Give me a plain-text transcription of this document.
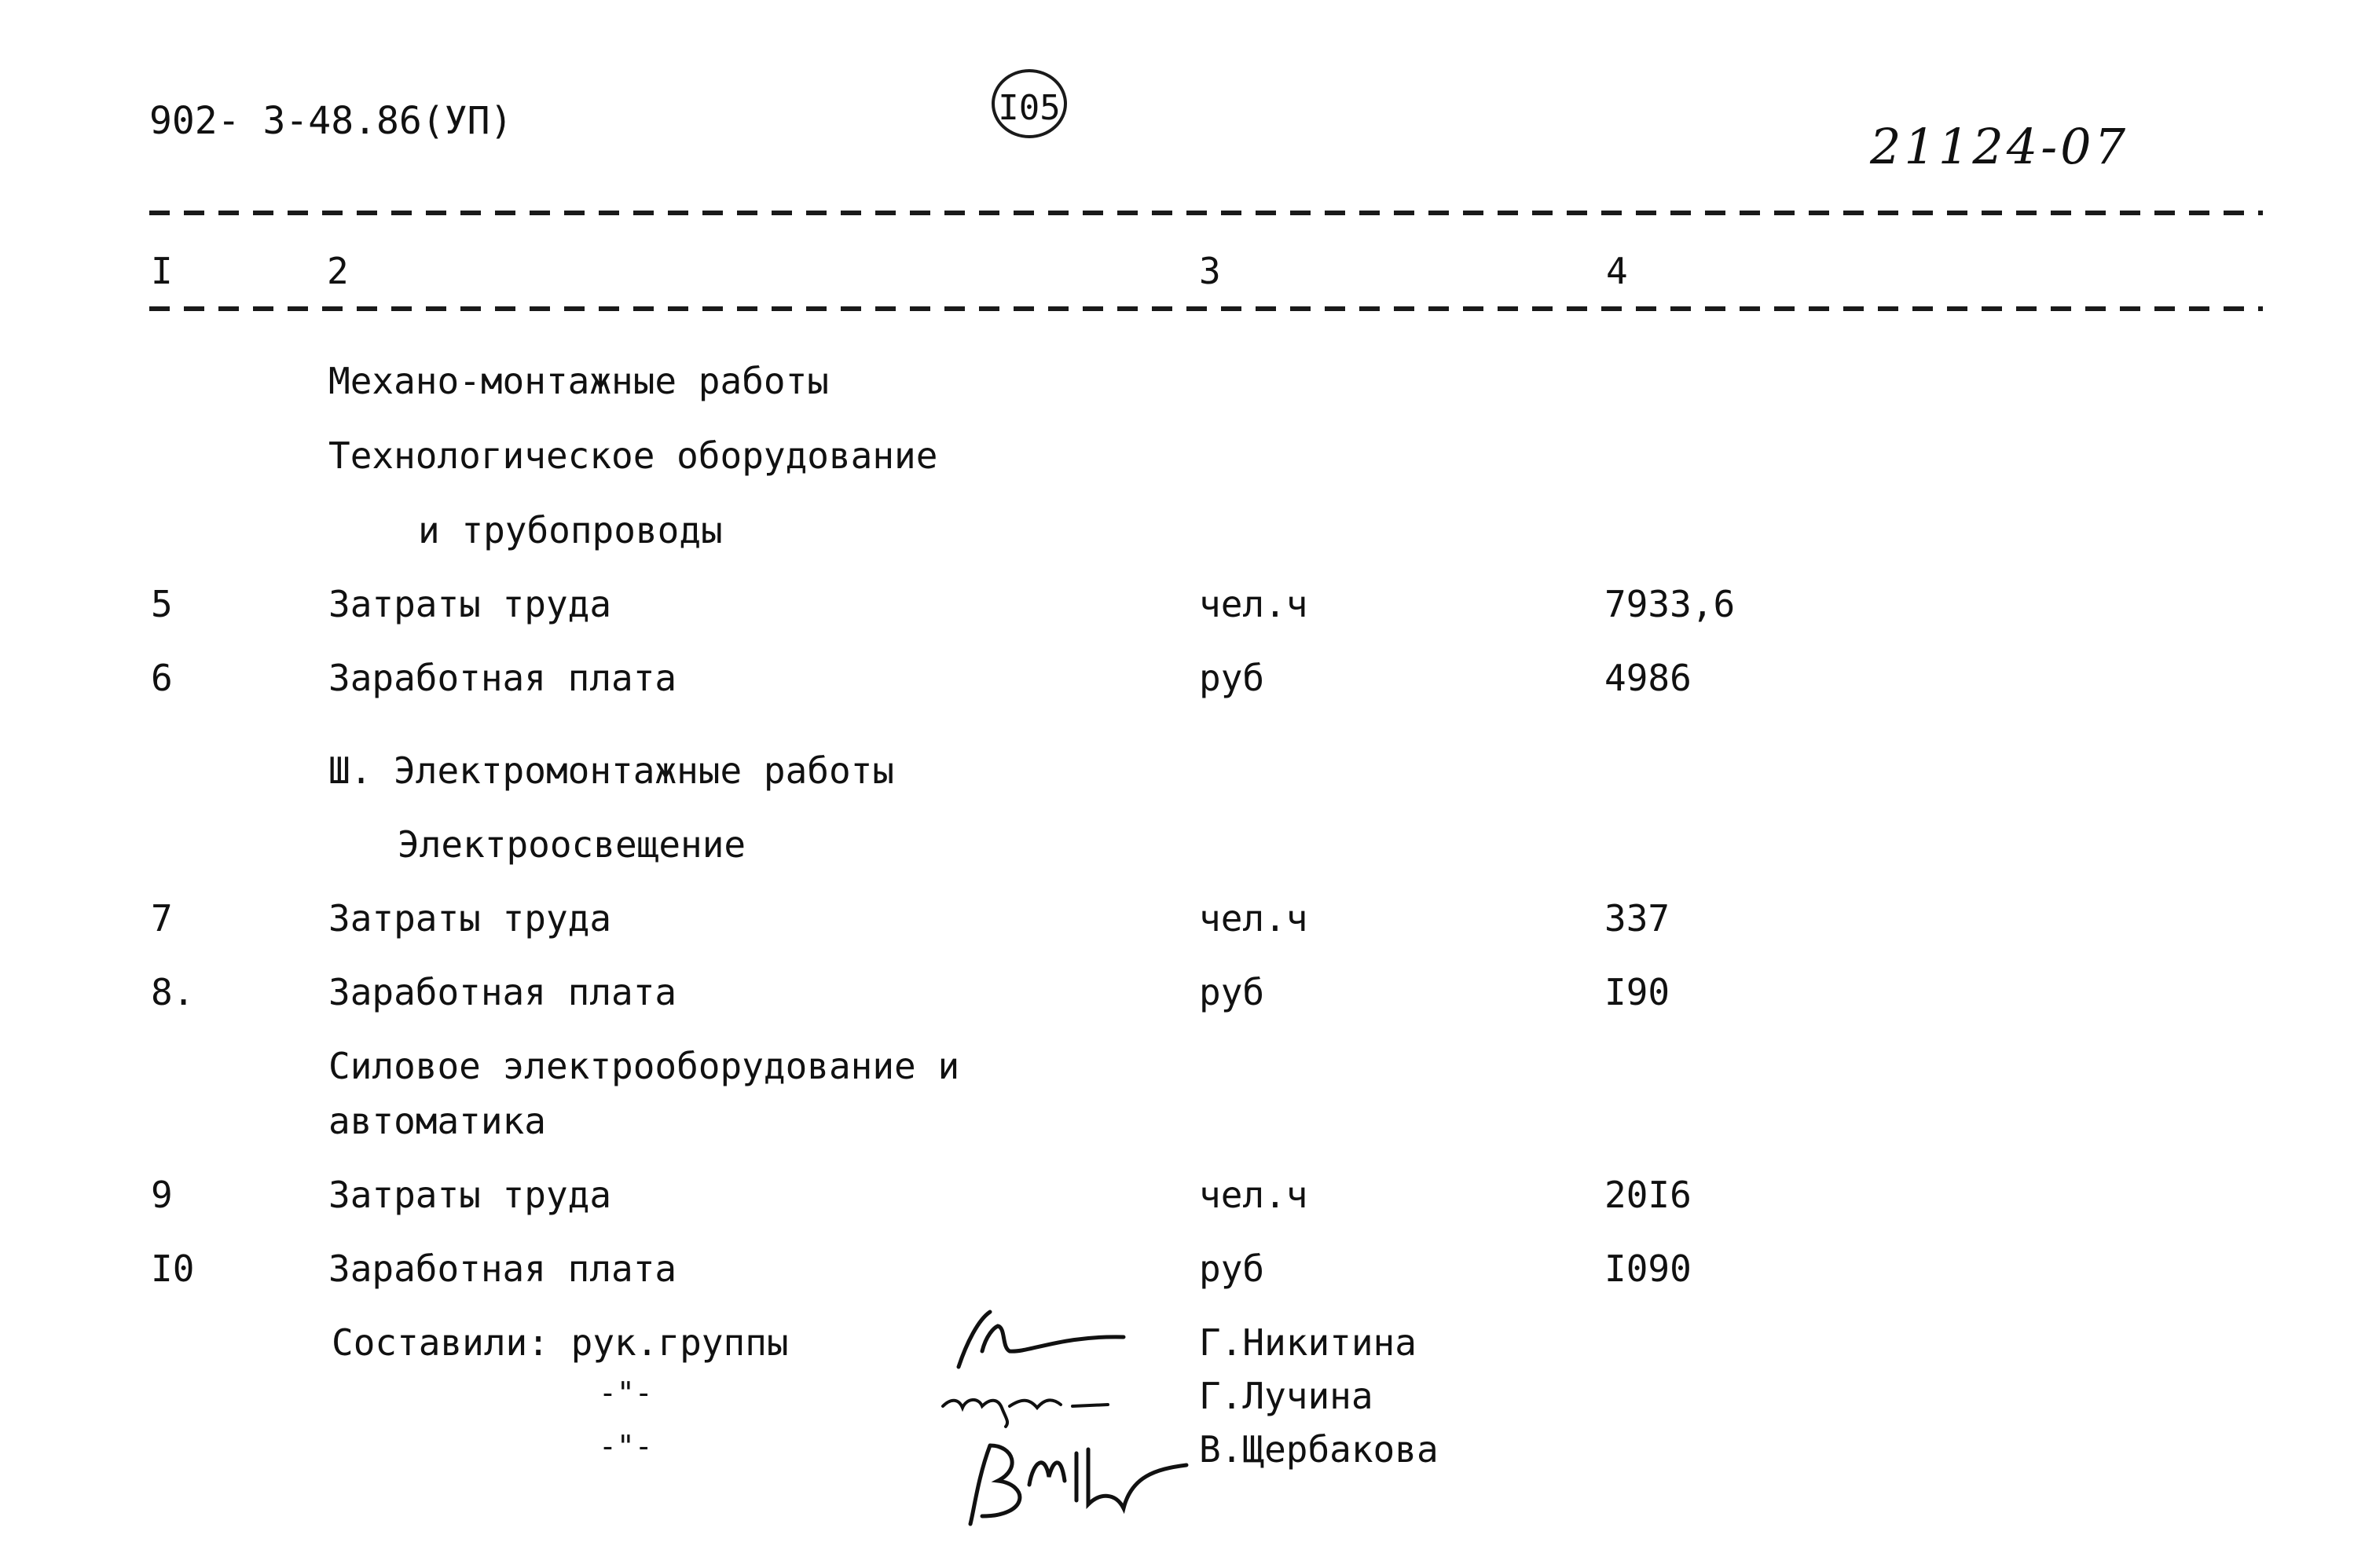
902- 3-48.86(УП)	I05
21124-07
I	2	3	4
Механо-монтажные работы
Технологическое оборудование
и трубопроводы
5	Затраты труда	чел.ч	7933,6
6	Заработная плата	руб	4986
Ш. Электромонтажные работы
Электроосвещение
7	Затраты труда	чел.ч	337
8.	Заработная плата	руб	I90
Силовое электрооборудование и
автоматика
9	Затраты труда	чел.ч	20I6
I0	Заработная плата	руб	I090
Составили: рук.группы
-"-
-"-
Г.Никитина
Г.Лучина
В.Щербакова
